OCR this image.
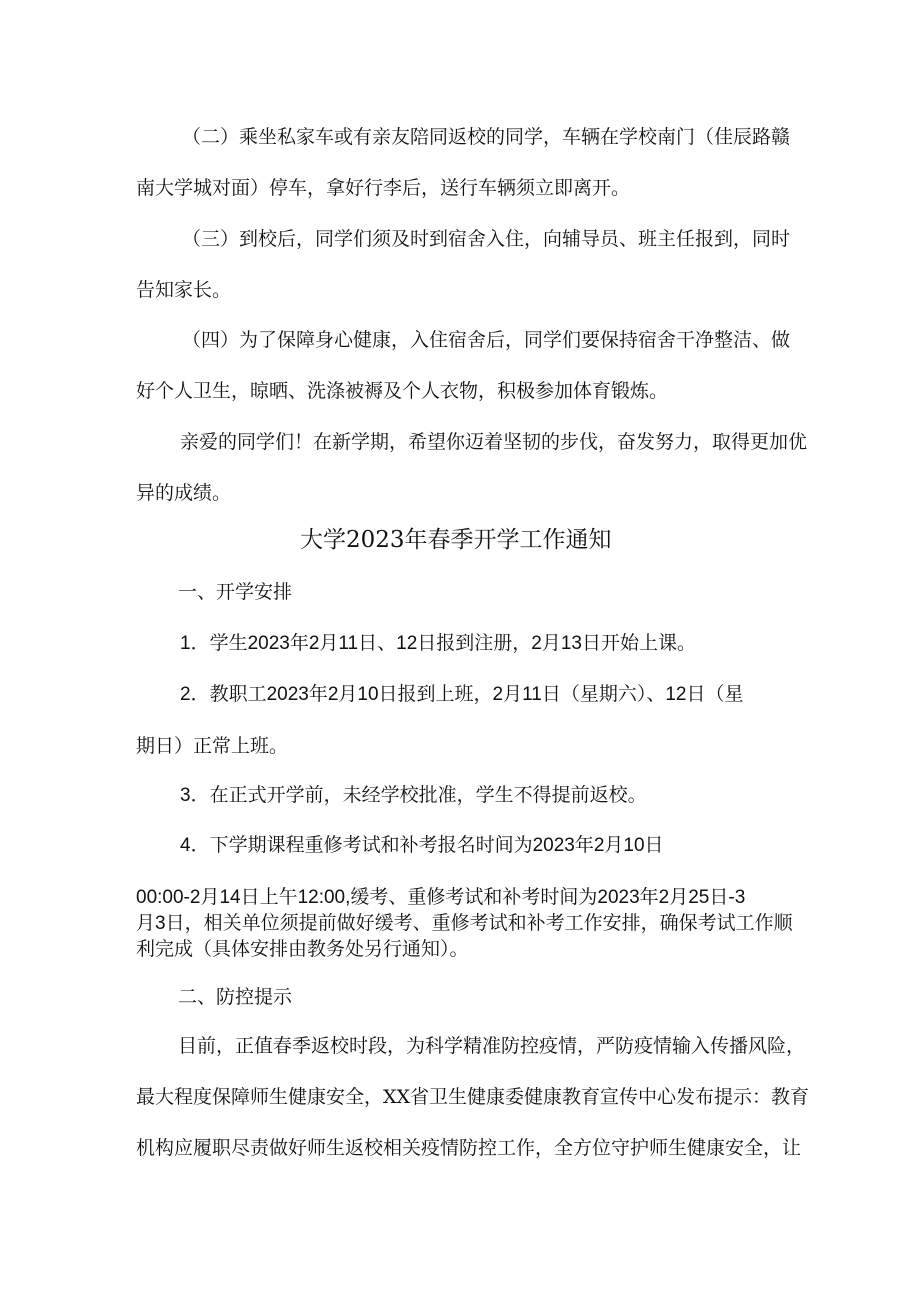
（二）乘坐私家车或有亲友陪同返校的同学，车辆在学校南门（佳辰路赣

南大学城对面）停车，拿好行李后，送行车辆须立即离开。

（三）到校后，同学们须及时到宿舍入住，向辅导员、班主任报到，同时

告知家长。

（四）为了保障身心健康，入住宿舍后，同学们要保持宿舍干净整洁、做

好个人卫生，晾晒、洗涤被褥及个人衣物，积极参加体育锻炼。

亲爱的同学们！在新学期，希望你迈着坚韧的步伐，奋发努力，取得更加优

异的成绩。

大学2023年春季开学工作通知

一、开学安排

1．学生2023年2月11日、12日报到注册，2月13日开始上课。

2．教职工2023年2月10日报到上班，2月11日（星期六）、12日（星

期日）正常上班。

3．在正式开学前，未经学校批准，学生不得提前返校。

4．下学期课程重修考试和补考报名时间为2023年2月10日

00:00-2月14日上午12:00,缓考、重修考试和补考时间为2023年2月25日-3

月3日，相关单位须提前做好缓考、重修考试和补考工作安排，确保考试工作顺

利完成（具体安排由教务处另行通知）。

二、防控提示

目前，正值春季返校时段，为科学精准防控疫情，严防疫情输入传播风险，

最大程度保障师生健康安全，XX省卫生健康委健康教育宣传中心发布提示：教育

机构应履职尽责做好师生返校相关疫情防控工作，全方位守护师生健康安全，让
